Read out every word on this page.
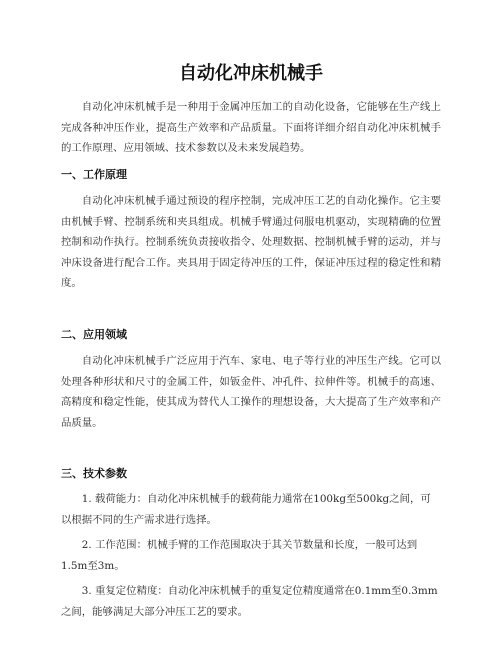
自动化冲床机械手

自动化冲床机械手是一种用于金属冲压加工的自动化设备，它能够在生产线上完成各种冲压作业，提高生产效率和产品质量。下面将详细介绍自动化冲床机械手的工作原理、应用领域、技术参数以及未来发展趋势。

一、工作原理

自动化冲床机械手通过预设的程序控制，完成冲压工艺的自动化操作。它主要由机械手臂、控制系统和夹具组成。机械手臂通过伺服电机驱动，实现精确的位置控制和动作执行。控制系统负责接收指令、处理数据、控制机械手臂的运动，并与冲床设备进行配合工作。夹具用于固定待冲压的工件，保证冲压过程的稳定性和精度。

二、应用领域

自动化冲床机械手广泛应用于汽车、家电、电子等行业的冲压生产线。它可以处理各种形状和尺寸的金属工件，如钣金件、冲孔件、拉伸件等。机械手的高速、高精度和稳定性能，使其成为替代人工操作的理想设备，大大提高了生产效率和产品质量。

三、技术参数

1. 载荷能力：自动化冲床机械手的载荷能力通常在100kg至500kg之间，可以根据不同的生产需求进行选择。

2. 工作范围：机械手臂的工作范围取决于其关节数量和长度，一般可达到1.5m至3m。

3. 重复定位精度：自动化冲床机械手的重复定位精度通常在0.1mm至0.3mm之间，能够满足大部分冲压工艺的要求。
